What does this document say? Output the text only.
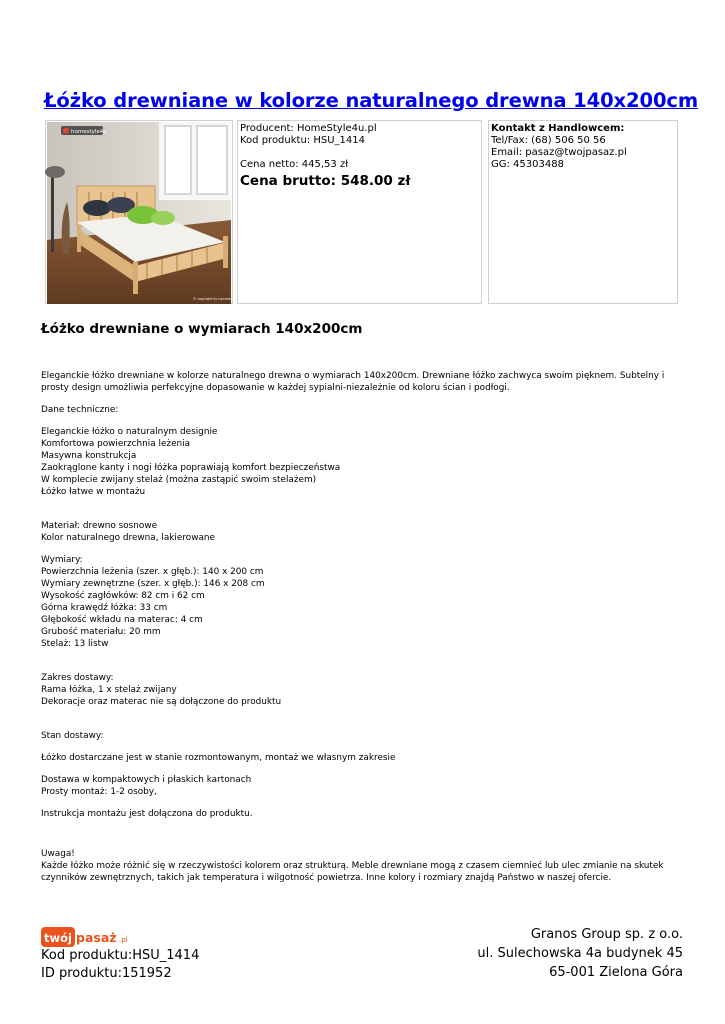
Łóżko drewniane w kolorze naturalnego drewna 140x200cm
homestyle4u
© copyright by homestyle4u
Producent: HomeStyle4u.pl
Kod produktu: HSU_1414
Cena netto: 445,53 zł
Cena brutto: 548.00 zł
Kontakt z Handlowcem:
Tel/Fax: (68) 506 50 56
Email: pasaz@twojpasaz.pl
GG: 45303488
Łóżko drewniane o wymiarach 140x200cm

Eleganckie łóżko drewniane w kolorze naturalnego drewna o wymiarach 140x200cm. Drewniane łóżko zachwyca swoim pięknem. Subtelny i prosty design umożliwia perfekcyjne dopasowanie w każdej sypialni-niezależnie od koloru ścian i podłogi.

Dane techniczne:

Eleganckie łóżko o naturalnym designie

Komfortowa powierzchnia leżenia

Masywna konstrukcja

Zaokrąglone kanty i nogi łóżka poprawiają komfort bezpieczeństwa

W komplecie zwijany stelaż (można zastąpić swoim stelażem)

Łóżko łatwe w montażu

Materiał: drewno sosnowe

Kolor naturalnego drewna, lakierowane

Wymiary:

Powierzchnia leżenia (szer. x głęb.): 140 x 200 cm

Wymiary zewnętrzne (szer. x głęb.): 146 x 208 cm

Wysokość zagłówków: 82 cm i 62 cm

Górna krawędź łóżka: 33 cm

Głębokość wkładu na materac: 4 cm

Grubość materiału: 20 mm

Stelaż: 13 listw

Zakres dostawy:

Rama łóżka, 1 x stelaż zwijany

Dekoracje oraz materac nie są dołączone do produktu

Stan dostawy:

Łóżko dostarczane jest w stanie rozmontowanym, montaż we własnym zakresie

Dostawa w kompaktowych i płaskich kartonach

Prosty montaż: 1-2 osoby,

Instrukcja montażu jest dołączona do produktu.

Uwaga!

Każde łóżko może różnić się w rzeczywistości kolorem oraz strukturą. Meble drewniane mogą z czasem ciemnieć lub ulec zmianie na skutek czynników zewnętrznych, takich jak temperatura i wilgotność powietrza. Inne kolory i rozmiary znajdą Państwo w naszej ofercie.

twój pasaż .pl
Kod produktu:HSU_1414
ID produktu:151952
Granos Group sp. z o.o.
ul. Sulechowska 4a budynek 45
65-001 Zielona Góra
